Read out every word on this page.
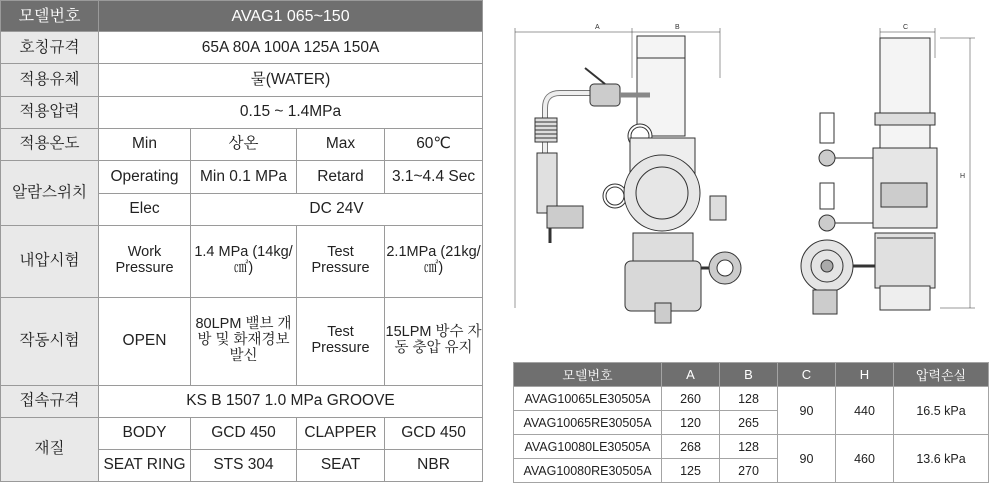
모델번호	AVAG1 065~150			
호칭규격	65A 80A 100A 125A 150A			
적용유체	물(WATER)			
적용압력	0.15 ~ 1.4MPa			
적용온도	Min	상온	Max	60℃
알람스위치	Operating	Min 0.1 MPa	Retard	3.1~4.4 Sec
	Elec	DC 24V		
내압시험	Work Pressure	1.4 MPa (14kg/㎠)	Test Pressure	2.1MPa (21kg/㎠)
작동시험	OPEN	80LPM 밸브 개방 및 화재경보발신	Test Pressure	15LPM 방수 자동 충압 유지
접속규격	KS B 1507 1.0 MPa GROOVE			
재질	BODY	GCD 450	CLAPPER	GCD 450
	SEAT RING	STS 304	SEAT	NBR
A	B	C
H
모델번호	A	B	C	H	압력손실
AVAG10065LE30505A	260	128	90	440	16.5 kPa
AVAG10065RE30505A	120	265			
AVAG10080LE30505A	268	128	90	460	13.6 kPa
AVAG10080RE30505A	125	270			
